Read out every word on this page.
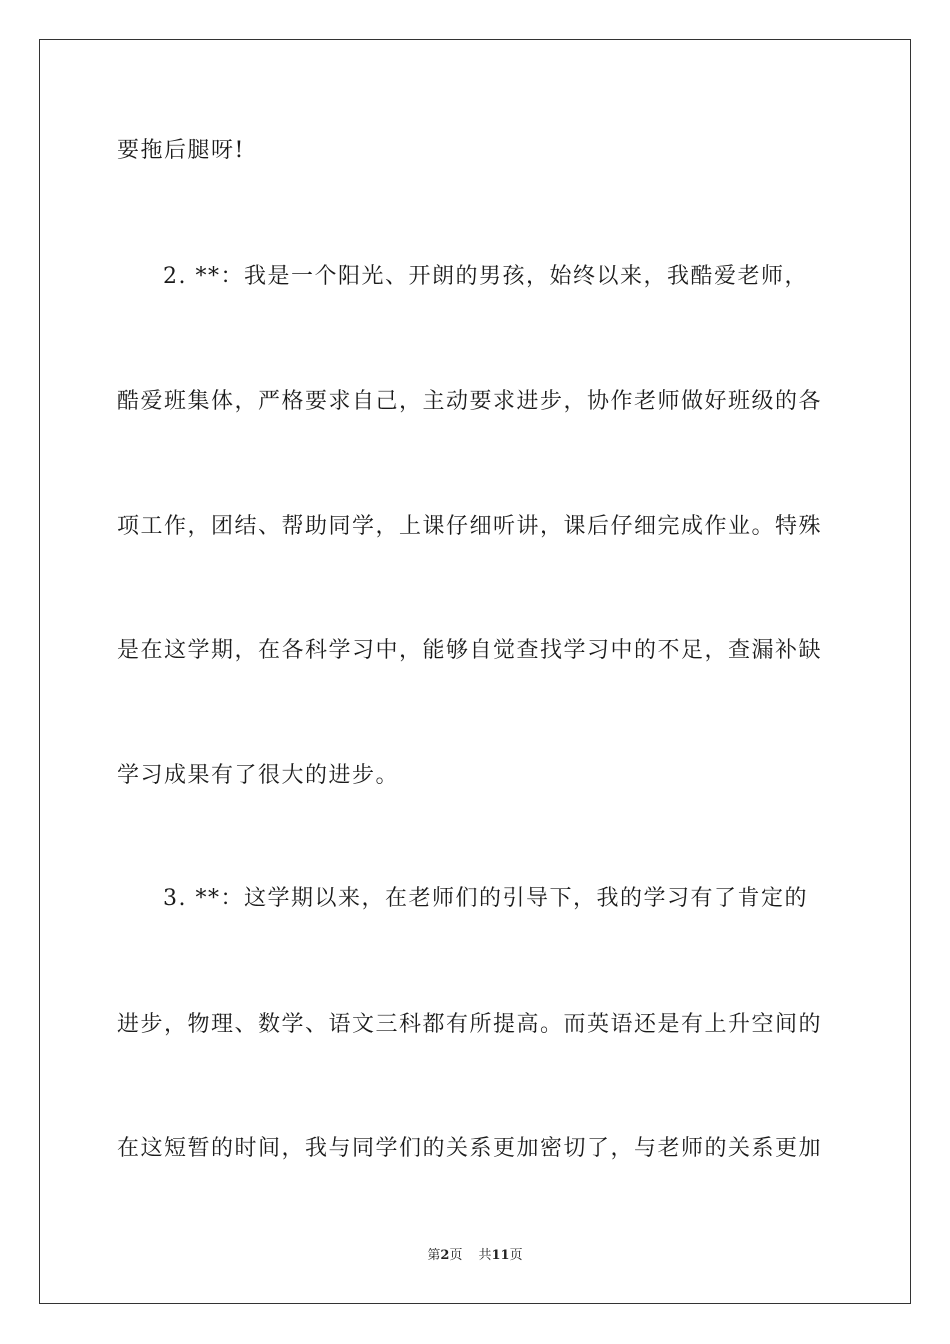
要拖后腿呀!
2. **：我是一个阳光、开朗的男孩，始终以来，我酷爱老师，
酷爱班集体，严格要求自己，主动要求进步，协作老师做好班级的各
项工作，团结、帮助同学，上课仔细听讲，课后仔细完成作业。特殊
是在这学期，在各科学习中，能够自觉查找学习中的不足，查漏补缺
学习成果有了很大的进步。
3. **：这学期以来，在老师们的引导下，我的学习有了肯定的
进步，物理、数学、语文三科都有所提高。而英语还是有上升空间的
在这短暂的时间，我与同学们的关系更加密切了，与老师的关系更加
第2页 共11页
